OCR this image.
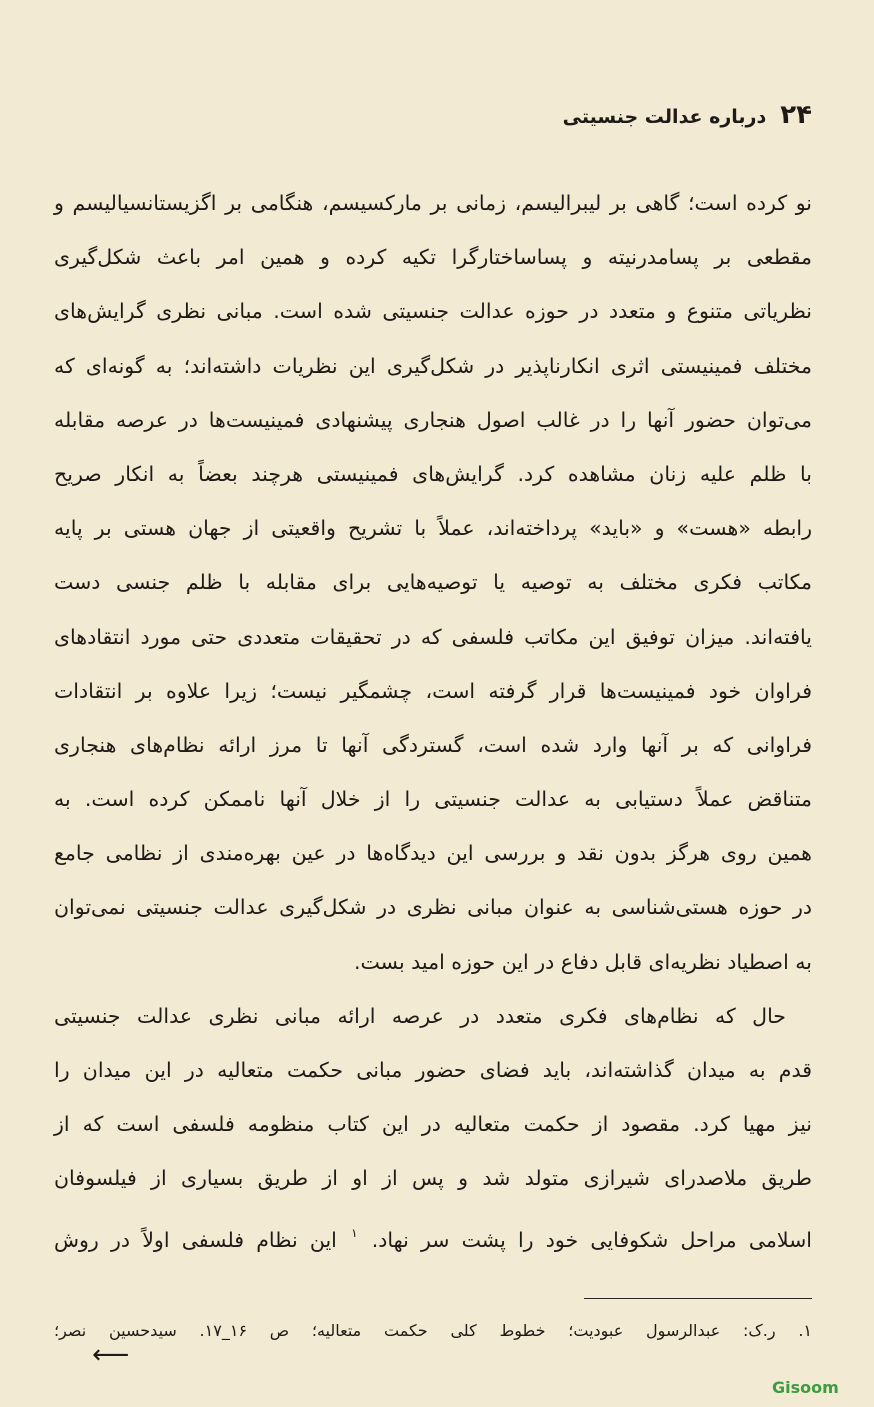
۲۴
درباره عدالت جنسیتی
نو کرده است؛ گاهی بر لیبرالیسم، زمانی بر مارکسیسم، هنگامی بر اگزیستانسیالیسم و
مقطعی بر پسامدرنیته و پساساختارگرا تکیه کرده و همین امر باعث شکل‌گیری
نظریاتی متنوع و متعدد در حوزه عدالت جنسیتی شده است. مبانی نظری گرایش‌های
مختلف فمینیستی اثری انکارناپذیر در شکل‌گیری این نظریات داشته‌اند؛ به گونه‌ای که
می‌توان حضور آنها را در غالب اصول هنجاری پیشنهادی فمینیست‌ها در عرصه مقابله
با ظلم علیه زنان مشاهده کرد. گرایش‌های فمینیستی هرچند بعضاً به انکار صریح
رابطه «هست» و «باید» پرداخته‌اند، عملاً با تشریح واقعیتی از جهان هستی بر پایه
مکاتب فکری مختلف به توصیه یا توصیه‌هایی برای مقابله با ظلم جنسی دست
یافته‌اند. میزان توفیق این مکاتب فلسفی که در تحقیقات متعددی حتی مورد انتقادهای
فراوان خود فمینیست‌ها قرار گرفته است، چشمگیر نیست؛ زیرا علاوه بر انتقادات
فراوانی که بر آنها وارد شده است، گستردگی آنها تا مرز ارائه نظام‌های هنجاری
متناقض عملاً دستیابی به عدالت جنسیتی را از خلال آنها ناممکن کرده است. به
همین روی هرگز بدون نقد و بررسی این دیدگاه‌ها در عین بهره‌مندی از نظامی جامع
در حوزه هستی‌شناسی به عنوان مبانی نظری در شکل‌گیری عدالت جنسیتی نمی‌توان
به اصطیاد نظریه‌ای قابل دفاع در این حوزه امید بست.
حال که نظام‌های فکری متعدد در عرصه ارائه مبانی نظری عدالت جنسیتی
قدم به میدان گذاشته‌اند، باید فضای حضور مبانی حکمت متعالیه در این میدان را
نیز مهیا کرد. مقصود از حکمت متعالیه در این کتاب منظومه فلسفی است که از
طریق ملاصدرای شیرازی متولد شد و پس از او از طریق بسیاری از فیلسوفان
اسلامی مراحل شکوفایی خود را پشت سر نهاد. $^۱$ این نظام فلسفی اولاً در روش
۱. ر.ک: عبدالرسول عبودیت؛ خطوط کلی حکمت متعالیه؛ ص ۱۶_۱۷. سیدحسین نصر؛
⟵
Gisoom
